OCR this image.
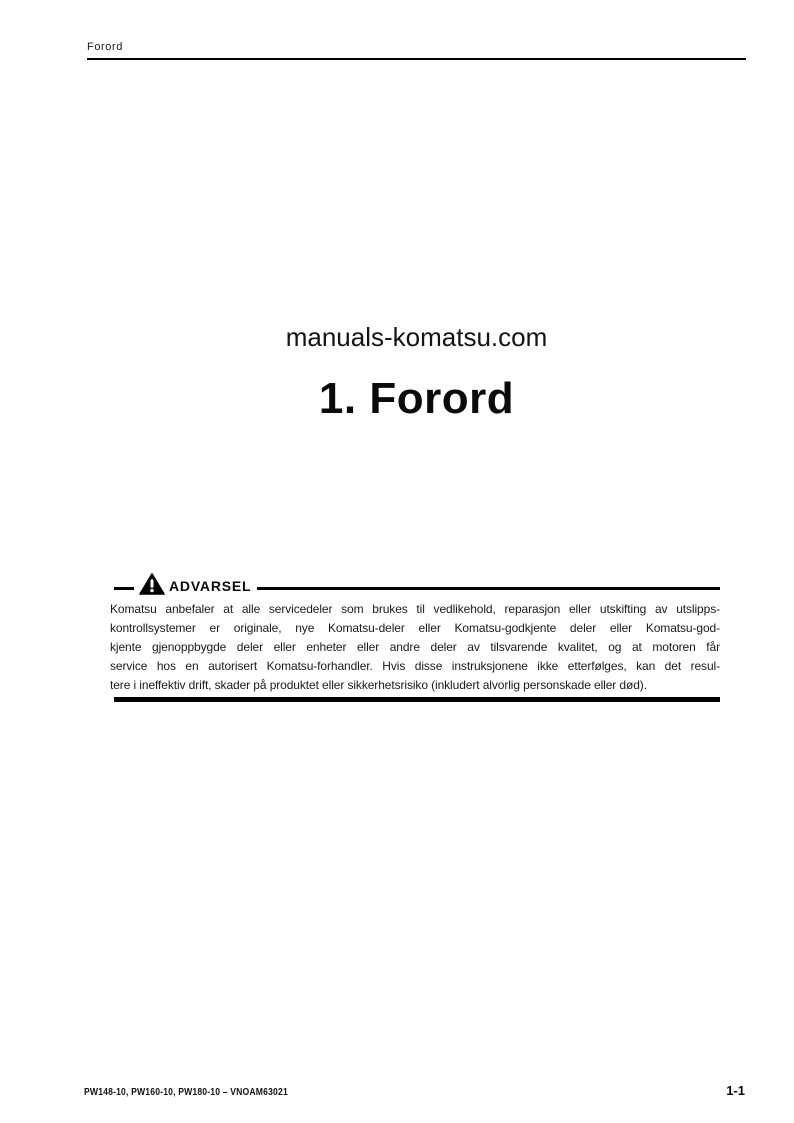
Forord
manuals-komatsu.com
1. Forord
ADVARSEL
Komatsu anbefaler at alle servicedeler som brukes til vedlikehold, reparasjon eller utskifting av utslipps-
kontrollsystemer er originale, nye Komatsu-deler eller Komatsu-godkjente deler eller Komatsu-god-
kjente gjenoppbygde deler eller enheter eller andre deler av tilsvarende kvalitet, og at motoren får
service hos en autorisert Komatsu-forhandler. Hvis disse instruksjonene ikke etterfølges, kan det resul-
tere i ineffektiv drift, skader på produktet eller sikkerhetsrisiko (inkludert alvorlig personskade eller død).
PW148-10, PW160-10, PW180-10 – VNOAM63021	1-1
